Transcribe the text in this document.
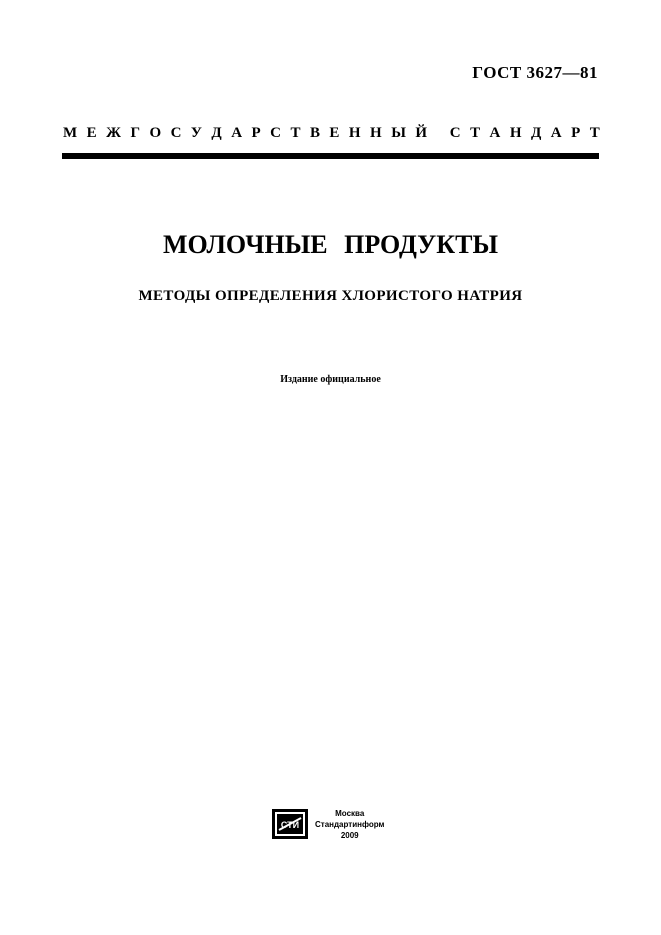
ГОСТ 3627—81
М Е Ж Г О С У Д А Р С Т В Е Н Н Ы Й
С Т А Н Д А Р Т
МОЛОЧНЫЕ ПРОДУКТЫ
МЕТОДЫ ОПРЕДЕЛЕНИЯ ХЛОРИСТОГО НАТРИЯ
Издание официальное
СТИ
Москва
Стандартинформ
2009
